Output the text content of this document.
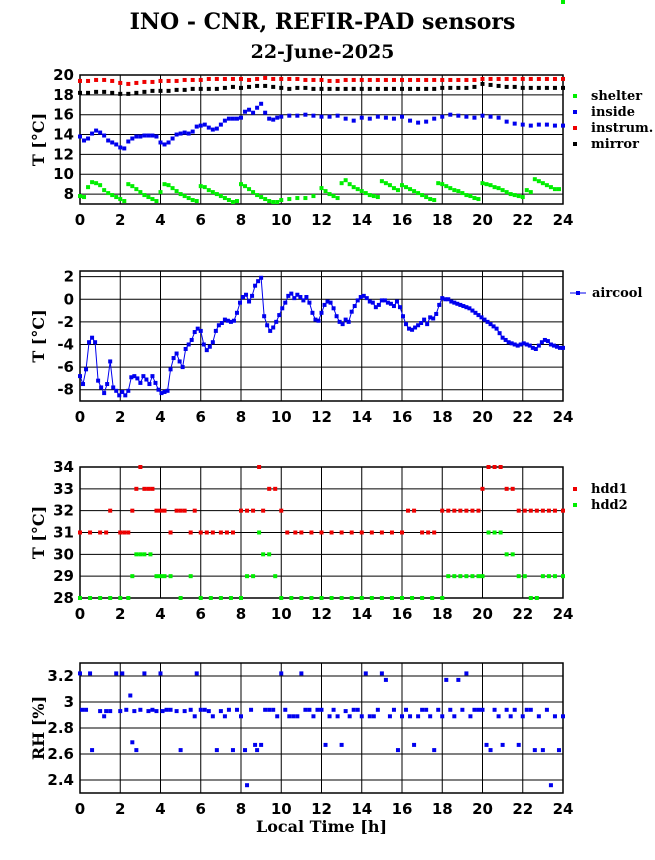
INO - CNR, REFIR-PAD sensors
22-June-2025
0 2 4 6 8 10 12 14 16 18 20 22 24
8
10
12
14
16
18
20
T [°C]
shelter
inside
instrum.
mirror
0 2 4 6 8 10 12 14 16 18 20 22 24
-8
-6
-4
-2
0
2
T [°C]
aircool
0 2 4 6 8 10 12 14 16 18 20 22 24
28
29
30
31
32
33
34
T [°C]
hdd1
hdd2
0 2 4 6 8 10 12 14 16 18 20 22 24
2.4
2.6
2.8
3
3.2
RH [%]
Local Time [h]
